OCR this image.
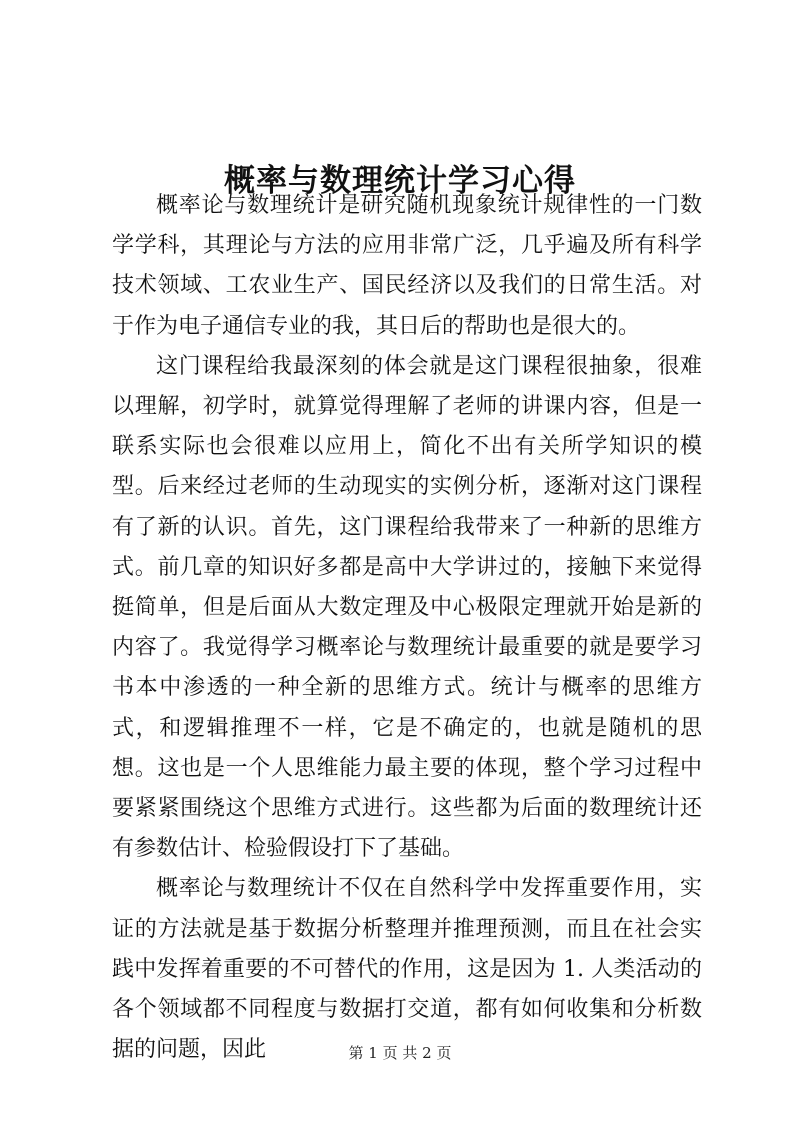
概率与数理统计学习心得

概率论与数理统计是研究随机现象统计规律性的一门数学学科，其理论与方法的应用非常广泛，几乎遍及所有科学技术领域、工农业生产、国民经济以及我们的日常生活。对于作为电子通信专业的我，其日后的帮助也是很大的。

这门课程给我最深刻的体会就是这门课程很抽象，很难以理解，初学时，就算觉得理解了老师的讲课内容，但是一联系实际也会很难以应用上，简化不出有关所学知识的模型。后来经过老师的生动现实的实例分析，逐渐对这门课程有了新的认识。首先，这门课程给我带来了一种新的思维方式。前几章的知识好多都是高中大学讲过的，接触下来觉得挺简单，但是后面从大数定理及中心极限定理就开始是新的内容了。我觉得学习概率论与数理统计最重要的就是要学习书本中渗透的一种全新的思维方式。统计与概率的思维方式，和逻辑推理不一样，它是不确定的，也就是随机的思想。这也是一个人思维能力最主要的体现，整个学习过程中要紧紧围绕这个思维方式进行。这些都为后面的数理统计还有参数估计、检验假设打下了基础。

概率论与数理统计不仅在自然科学中发挥重要作用，实证的方法就是基于数据分析整理并推理预测，而且在社会实践中发挥着重要的不可替代的作用，这是因为 1. 人类活动的各个领域都不同程度与数据打交道，都有如何收集和分析数据的问题，因此	第 1 页 共 2 页
